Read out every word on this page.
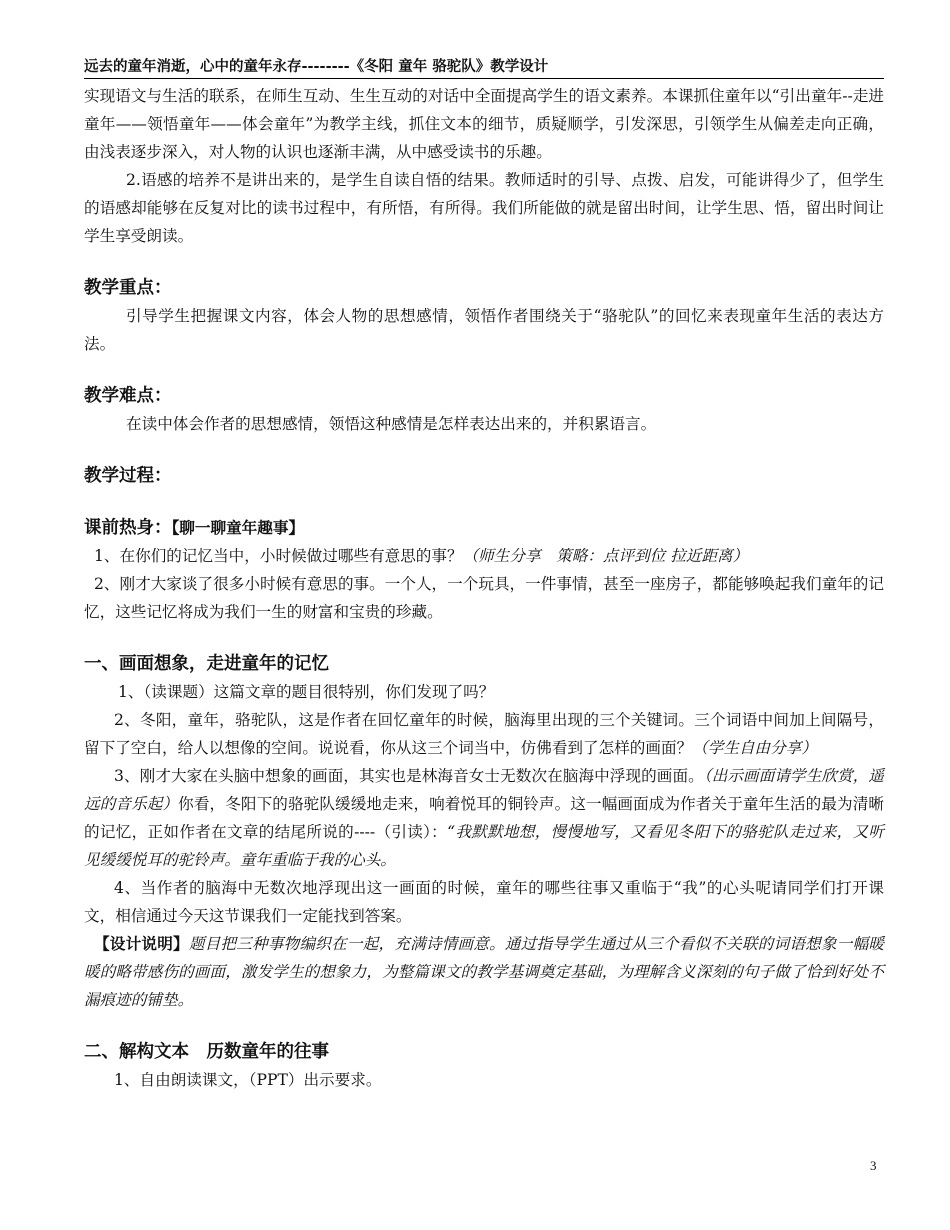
远去的童年消逝，心中的童年永存--------《冬阳 童年 骆驼队》教学设计

实现语文与生活的联系，在师生互动、生生互动的对话中全面提高学生的语文素养。本课抓住童年以“引出童年--走进童年——领悟童年——体会童年”为教学主线，抓住文本的细节，质疑顺学，引发深思，引领学生从偏差走向正确，由浅表逐步深入，对人物的认识也逐渐丰满，从中感受读书的乐趣。

2.语感的培养不是讲出来的，是学生自读自悟的结果。教师适时的引导、点拨、启发，可能讲得少了，但学生的语感却能够在反复对比的读书过程中，有所悟，有所得。我们所能做的就是留出时间，让学生思、悟，留出时间让学生享受朗读。

教学重点：

引导学生把握课文内容，体会人物的思想感情，领悟作者围绕关于“骆驼队”的回忆来表现童年生活的表达方法。

教学难点：

在读中体会作者的思想感情，领悟这种感情是怎样表达出来的，并积累语言。

教学过程：
课前热身：【聊一聊童年趣事】

1、在你们的记忆当中，小时候做过哪些有意思的事？（师生分享　策略：点评到位 拉近距离）

2、刚才大家谈了很多小时候有意思的事。一个人，一个玩具，一件事情，甚至一座房子，都能够唤起我们童年的记忆，这些记忆将成为我们一生的财富和宝贵的珍藏。

一、画面想象，走进童年的记忆

1、（读课题）这篇文章的题目很特别，你们发现了吗？

2、冬阳，童年，骆驼队，这是作者在回忆童年的时候，脑海里出现的三个关键词。三个词语中间加上间隔号，留下了空白，给人以想像的空间。说说看，你从这三个词当中，仿佛看到了怎样的画面？（学生自由分享）

3、刚才大家在头脑中想象的画面，其实也是林海音女士无数次在脑海中浮现的画面。（出示画面请学生欣赏，遥远的音乐起）你看，冬阳下的骆驼队缓缓地走来，响着悦耳的铜铃声。这一幅画面成为作者关于童年生活的最为清晰的记忆，正如作者在文章的结尾所说的----（引读）：“我默默地想，慢慢地写，又看见冬阳下的骆驼队走过来，又听见缓缓悦耳的驼铃声。童年重临于我的心头。

4、当作者的脑海中无数次地浮现出这一画面的时候，童年的哪些往事又重临于“我”的心头呢请同学们打开课文，相信通过今天这节课我们一定能找到答案。

【设计说明】题目把三种事物编织在一起，充满诗情画意。通过指导学生通过从三个看似不关联的词语想象一幅暖暖的略带感伤的画面，激发学生的想象力，为整篇课文的教学基调奠定基础，为理解含义深刻的句子做了恰到好处不漏痕迹的铺垫。

二、解构文本　历数童年的往事

1、自由朗读课文，（PPT）出示要求。

3
